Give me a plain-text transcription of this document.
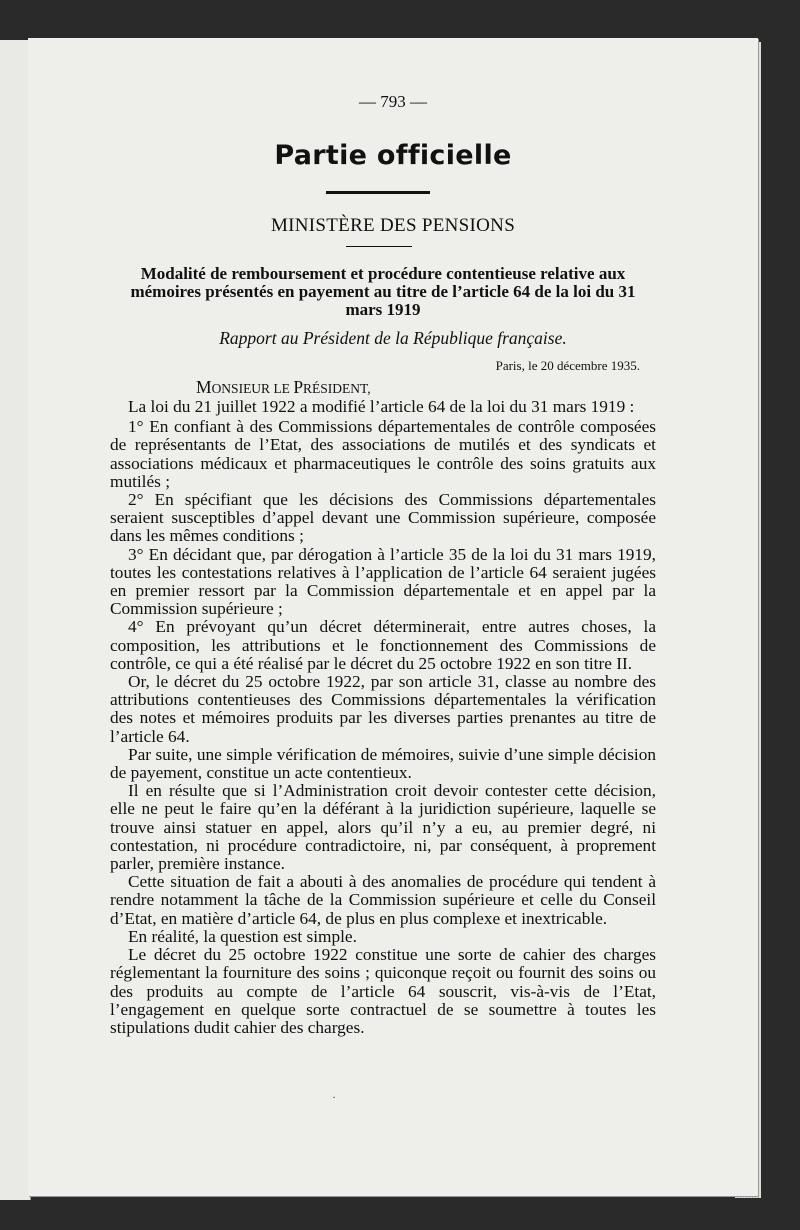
— 793 —
Partie officielle
MINISTÈRE DES PENSIONS
Modalité de remboursement et procédure contentieuse relative aux mémoires présentés en payement au titre de l’article 64 de la loi du 31 mars 1919
Rapport au Président de la République française.
Paris, le 20 décembre 1935.
MONSIEUR LE PRÉSIDENT,

La loi du 21 juillet 1922 a modifié l’article 64 de la loi du 31 mars 1919 :

1° En confiant à des Commissions départementales de contrôle composées de représentants de l’Etat, des associations de mutilés et des syndicats et associations médicaux et pharmaceutiques le contrôle des soins gratuits aux mutilés ;

2° En spécifiant que les décisions des Commissions départementales seraient susceptibles d’appel devant une Commission supérieure, composée dans les mêmes conditions ;

3° En décidant que, par dérogation à l’article 35 de la loi du 31 mars 1919, toutes les contestations relatives à l’application de l’article 64 seraient jugées en premier ressort par la Commission départementale et en appel par la Commission supérieure ;

4° En prévoyant qu’un décret déterminerait, entre autres choses, la composition, les attributions et le fonctionnement des Commissions de contrôle, ce qui a été réalisé par le décret du 25 octobre 1922 en son titre II.

Or, le décret du 25 octobre 1922, par son article 31, classe au nombre des attributions contentieuses des Commissions départementales la vérification des notes et mémoires produits par les diverses parties prenantes au titre de l’article 64.

Par suite, une simple vérification de mémoires, suivie d’une simple décision de payement, constitue un acte contentieux.

Il en résulte que si l’Administration croit devoir contester cette décision, elle ne peut le faire qu’en la déférant à la juridiction supérieure, laquelle se trouve ainsi statuer en appel, alors qu’il n’y a eu, au premier degré, ni contestation, ni procédure contradictoire, ni, par conséquent, à proprement parler, première instance.

Cette situation de fait a abouti à des anomalies de procédure qui tendent à rendre notamment la tâche de la Commission supérieure et celle du Conseil d’Etat, en matière d’article 64, de plus en plus complexe et inextricable.

En réalité, la question est simple.

Le décret du 25 octobre 1922 constitue une sorte de cahier des charges réglementant la fourniture des soins ; quiconque reçoit ou fournit des soins ou des produits au compte de l’article 64 souscrit, vis-à-vis de l’Etat, l’engagement en quelque sorte contractuel de se soumettre à toutes les stipulations dudit cahier des charges.

·
